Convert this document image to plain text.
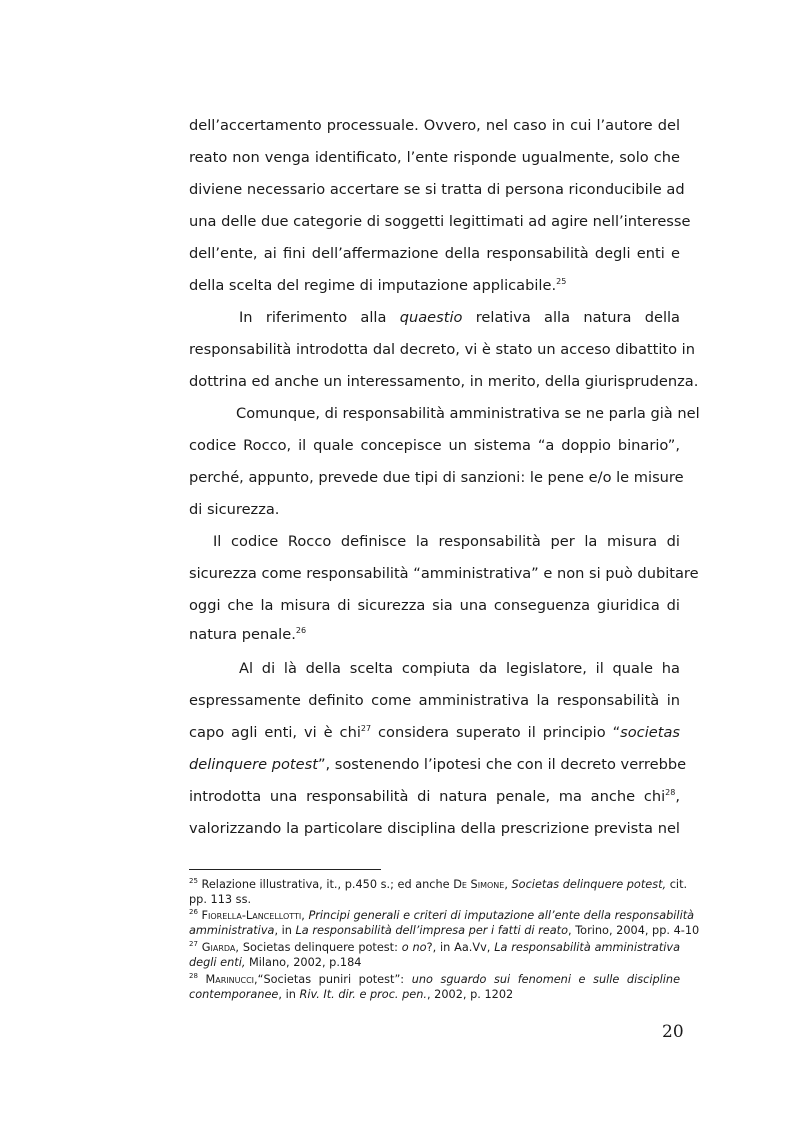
dell’accertamento processuale. Ovvero, nel caso in cui l’autore del
reato non venga identificato, l’ente risponde ugualmente, solo che
diviene necessario accertare se si tratta di persona riconducibile ad
una delle due categorie di soggetti legittimati ad agire nell’interesse
dell’ente, ai fini dell’affermazione della responsabilità degli enti e
della scelta del regime di imputazione applicabile.$^{25}$
In riferimento alla quaestio relativa alla natura della
responsabilità introdotta dal decreto, vi è stato un acceso dibattito in
dottrina ed anche un interessamento, in merito, della giurisprudenza.
Comunque, di responsabilità amministrativa se ne parla già nel
codice Rocco, il quale concepisce un sistema “a doppio binario”,
perché, appunto, prevede due tipi di sanzioni: le pene e/o le misure
di sicurezza.
Il codice Rocco definisce la responsabilità per la misura di
sicurezza come responsabilità “amministrativa” e non si può dubitare
oggi che la misura di sicurezza sia una conseguenza giuridica di
natura penale.$^{26}$
Al di là della scelta compiuta da legislatore, il quale ha
espressamente definito come amministrativa la responsabilità in
capo agli enti, vi è chi$^{27}$ considera superato il principio “societas
delinquere potest”, sostenendo l’ipotesi che con il decreto verrebbe
introdotta una responsabilità di natura penale, ma anche chi$^{28}$,
valorizzando la particolare disciplina della prescrizione prevista nel
$^{25}$ Relazione illustrativa, it., p.450 s.; ed anche De Simone, Societas delinquere potest, cit.
pp. 113 ss.
$^{26}$ Fiorella-Lancellotti, Principi generali e criteri di imputazione all’ente della responsabilità
amministrativa, in La responsabilità dell’impresa per i fatti di reato, Torino, 2004, pp. 4-10
$^{27}$ Giarda, Societas delinquere potest: o no?, in Aa.Vv, La responsabilità amministrativa
degli enti, Milano, 2002, p.184
$^{28}$ Marinucci,“Societas puniri potest”: uno sguardo sui fenomeni e sulle discipline
contemporanee, in Riv. It. dir. e proc. pen., 2002, p. 1202
20
